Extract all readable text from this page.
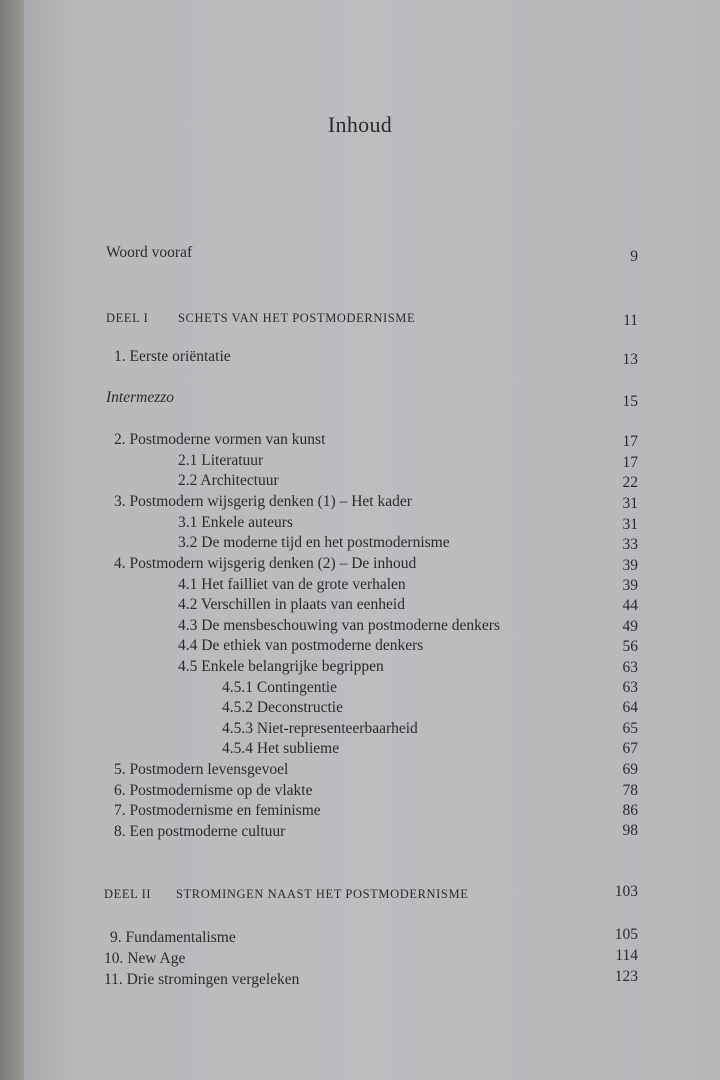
Inhoud
Woord vooraf	9
DEEL I SCHETS VAN HET POSTMODERNISME	11
1. Eerste oriëntatie	13
Intermezzo	15
2. Postmoderne vormen van kunst	17
2.1 Literatuur	17
2.2 Architectuur	22
3. Postmodern wijsgerig denken (1) – Het kader	31
3.1 Enkele auteurs	31
3.2 De moderne tijd en het postmodernisme	33
4. Postmodern wijsgerig denken (2) – De inhoud	39
4.1 Het failliet van de grote verhalen	39
4.2 Verschillen in plaats van eenheid	44
4.3 De mensbeschouwing van postmoderne denkers	49
4.4 De ethiek van postmoderne denkers	56
4.5 Enkele belangrijke begrippen	63
4.5.1 Contingentie	63
4.5.2 Deconstructie	64
4.5.3 Niet-representeerbaarheid	65
4.5.4 Het sublieme	67
5. Postmodern levensgevoel	69
6. Postmodernisme op de vlakte	78
7. Postmodernisme en feminisme	86
8. Een postmoderne cultuur	98
DEEL II STROMINGEN NAAST HET POSTMODERNISME	103
9. Fundamentalisme	105
10. New Age	114
11. Drie stromingen vergeleken	123
